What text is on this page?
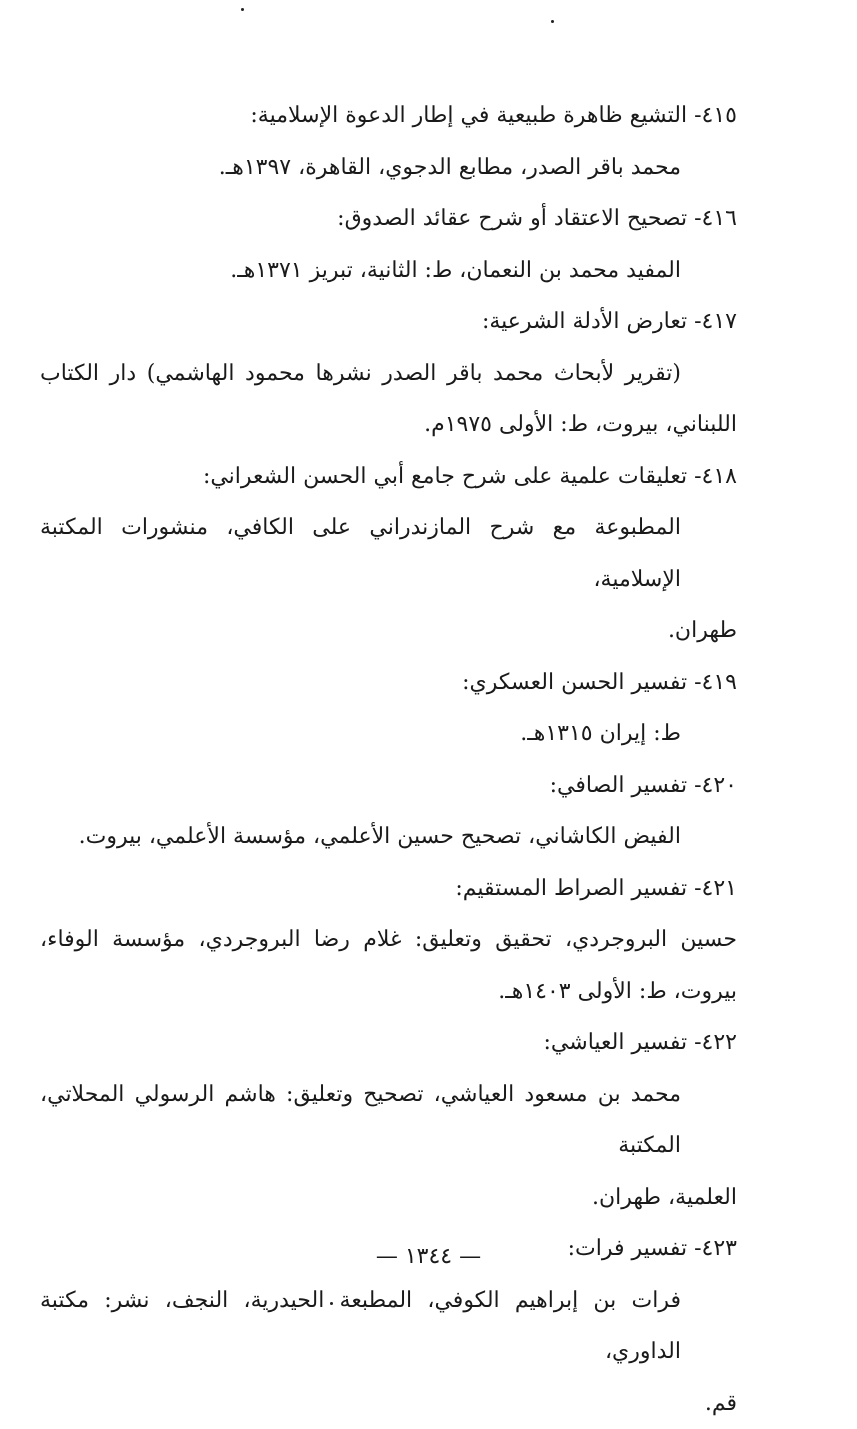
٤١٥- التشيع ظاهرة طبيعية في إطار الدعوة الإسلامية:

محمد باقر الصدر، مطابع الدجوي، القاهرة، ١٣٩٧هـ.

٤١٦- تصحيح الاعتقاد أو شرح عقائد الصدوق:

المفيد محمد بن النعمان، ط: الثانية، تبريز ١٣٧١هـ.

٤١٧- تعارض الأدلة الشرعية:

(تقرير لأبحاث محمد باقر الصدر نشرها محمود الهاشمي) دار الكتاب

اللبناني، بيروت، ط: الأولى ١٩٧٥م.

٤١٨- تعليقات علمية على شرح جامع أبي الحسن الشعراني:

المطبوعة مع شرح المازندراني على الكافي، منشورات المكتبة الإسلامية،

طهران.

٤١٩- تفسير الحسن العسكري:

ط: إيران ١٣١٥هـ.

٤٢٠- تفسير الصافي:

الفيض الكاشاني، تصحيح حسين الأعلمي، مؤسسة الأعلمي، بيروت.

٤٢١- تفسير الصراط المستقيم:

حسين البروجردي، تحقيق وتعليق: غلام رضا البروجردي، مؤسسة الوفاء،

بيروت، ط: الأولى ١٤٠٣هـ.

٤٢٢- تفسير العياشي:

محمد بن مسعود العياشي، تصحيح وتعليق: هاشم الرسولي المحلاتي، المكتبة

العلمية، طهران.

٤٢٣- تفسير فرات:

فرات بن إبراهيم الكوفي، المطبعة الحيدرية، النجف، نشر: مكتبة الداوري،

قم.

— ١٣٤٤ —
